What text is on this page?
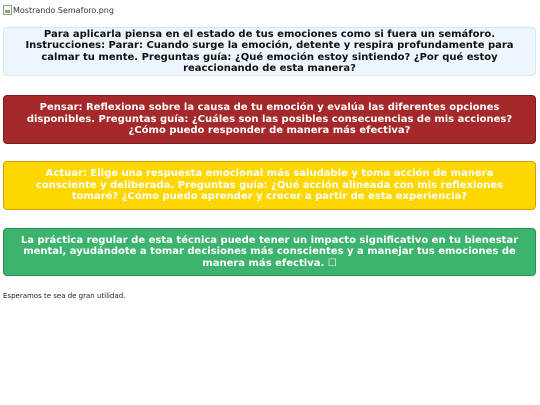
Mostrando Semaforo.png

Para aplicarla piensa en el estado de tus emociones como si fuera un semáforo. Instrucciones: Parar: Cuando surge la emoción, detente y respira profundamente para calmar tu mente. Preguntas guía: ¿Qué emoción estoy sintiendo? ¿Por qué estoy reaccionando de esta manera?

Pensar: Reflexiona sobre la causa de tu emoción y evalúa las diferentes opciones disponibles. Preguntas guía: ¿Cuáles son las posibles consecuencias de mis acciones? ¿Cómo puedo responder de manera más efectiva?

Actuar: Elige una respuesta emocional más saludable y toma acción de manera consciente y deliberada. Preguntas guía: ¿Qué acción alineada con mis reflexiones tomaré? ¿Cómo puedo aprender y crecer a partir de esta experiencia?

La práctica regular de esta técnica puede tener un impacto significativo en tu bienestar mental, ayudándote a tomar decisiones más conscientes y a manejar tus emociones de manera más efectiva. ☐

Esperamos te sea de gran utilidad.
